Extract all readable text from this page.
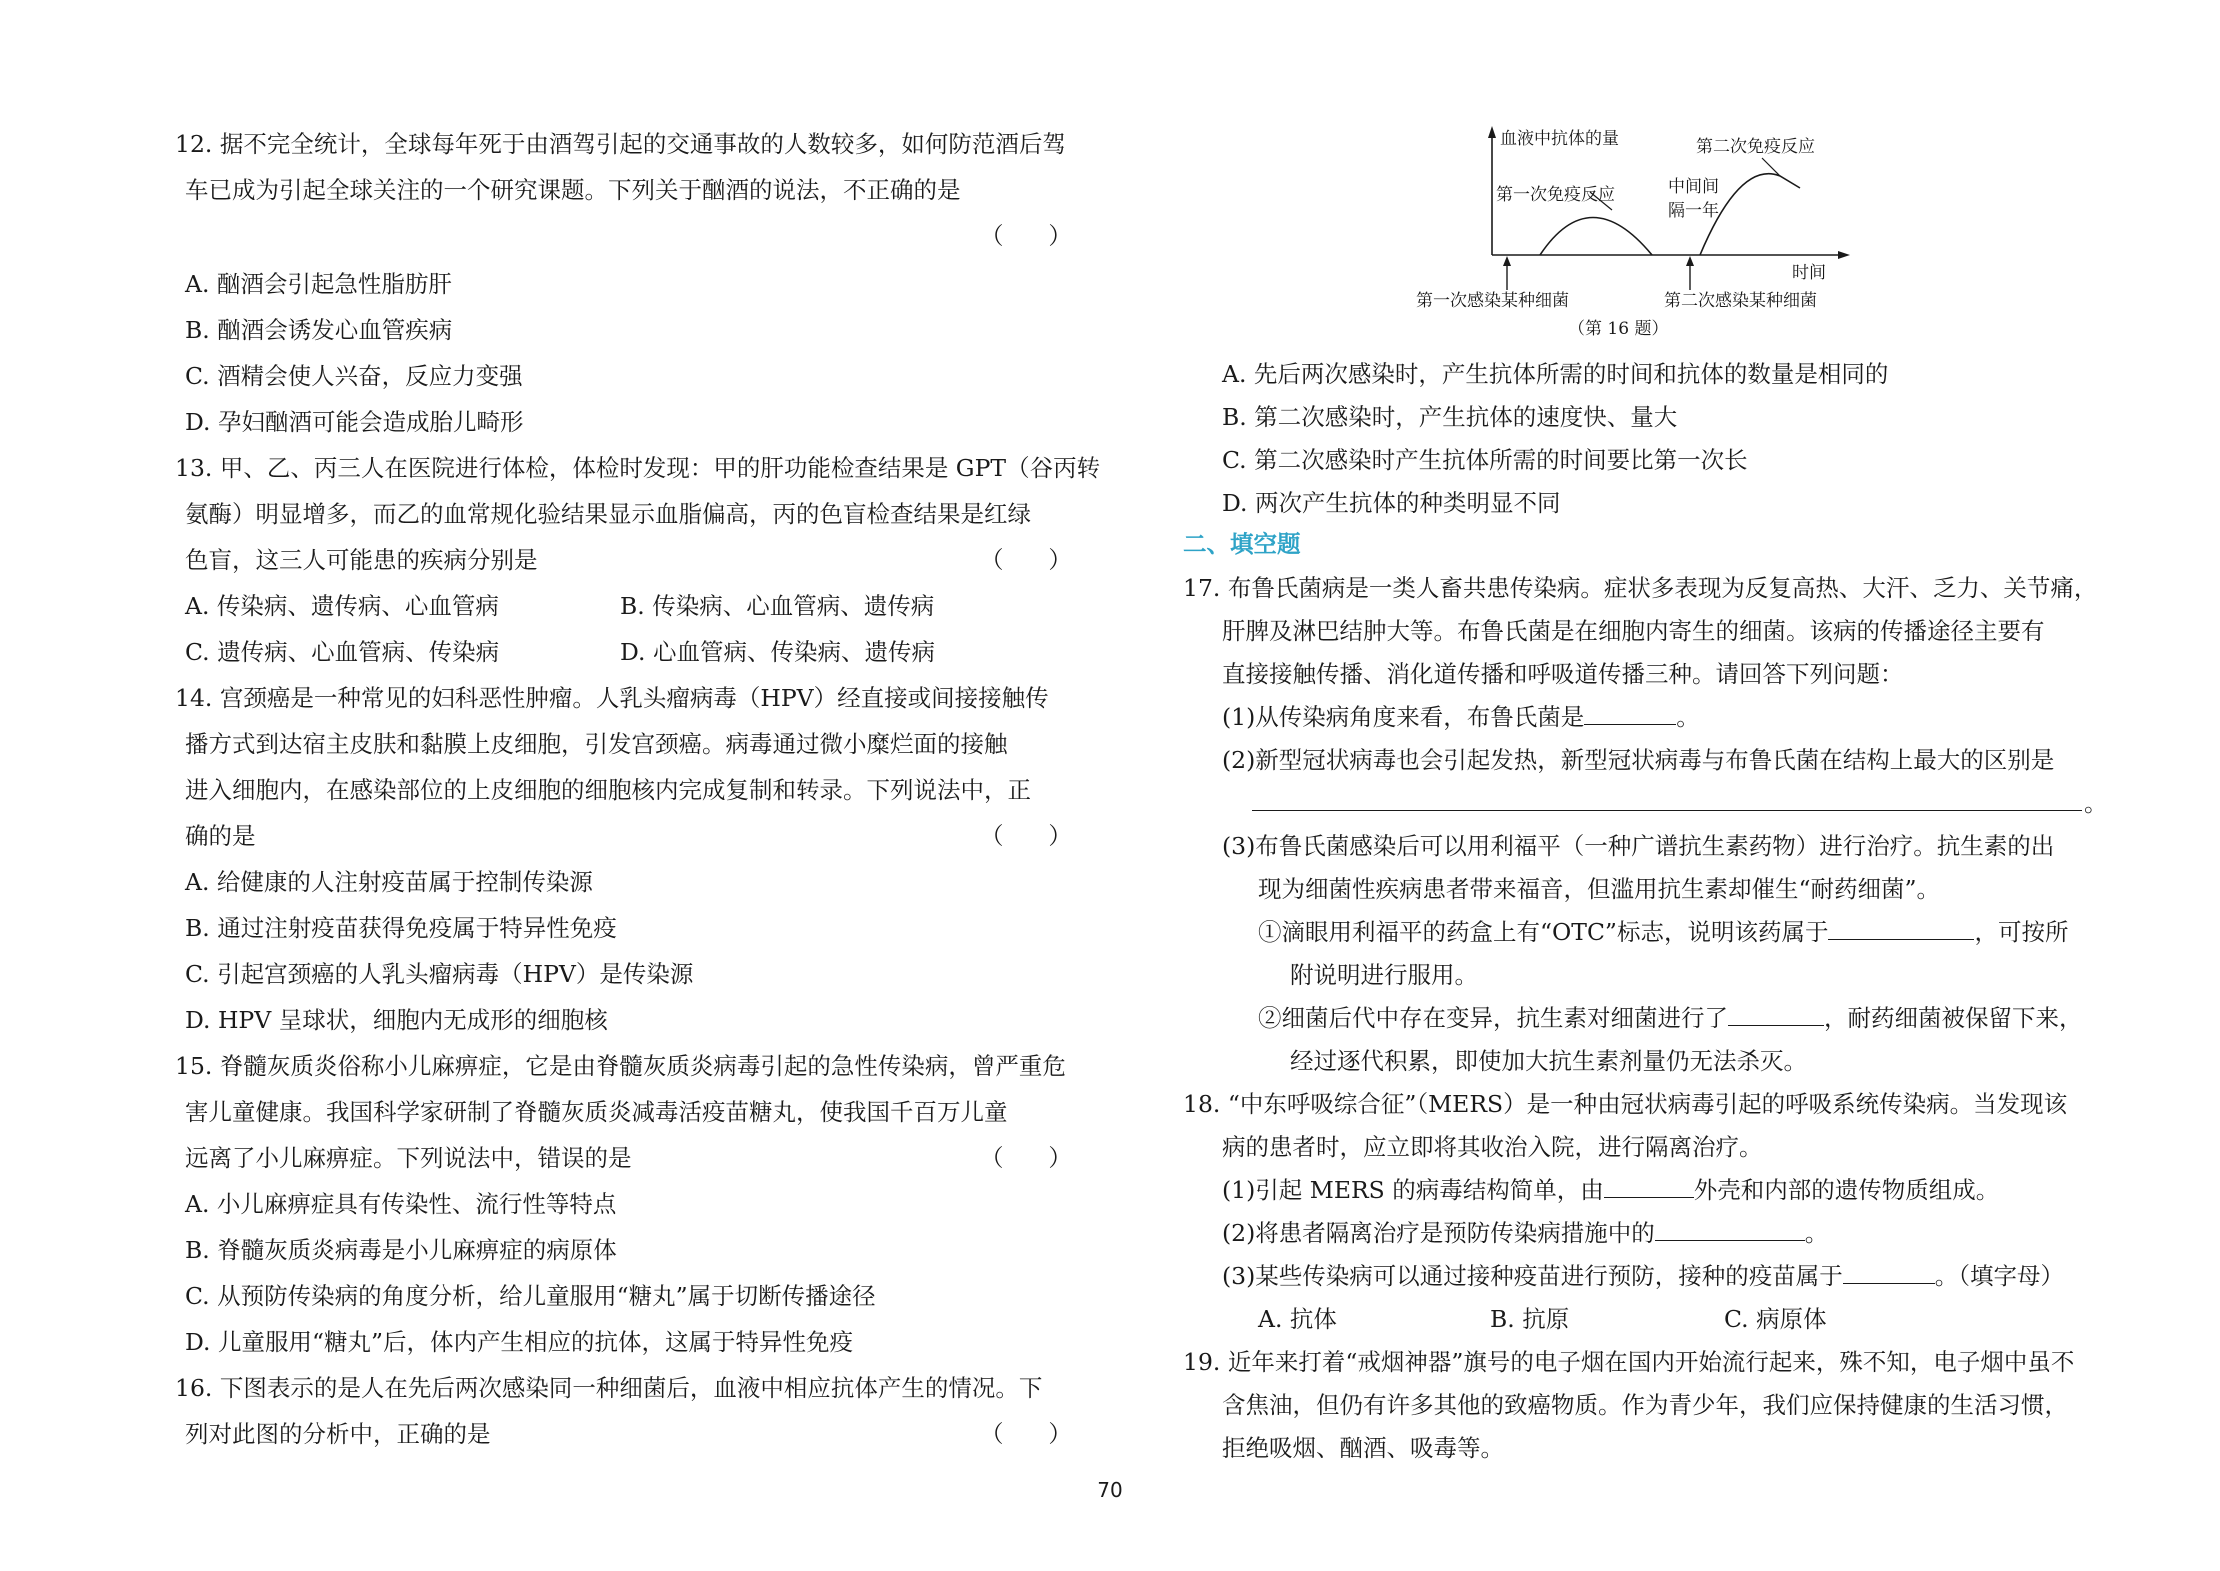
12. 据不完全统计，全球每年死于由酒驾引起的交通事故的人数较多，如何防范酒后驾
车已成为引起全球关注的一个研究课题。下列关于酗酒的说法，不正确的是
（      ）
A. 酗酒会引起急性脂肪肝
B. 酗酒会诱发心血管疾病
C. 酒精会使人兴奋，反应力变强
D. 孕妇酗酒可能会造成胎儿畸形
13. 甲、乙、丙三人在医院进行体检，体检时发现：甲的肝功能检查结果是 GPT（谷丙转
氨酶）明显增多，而乙的血常规化验结果显示血脂偏高，丙的色盲检查结果是红绿
色盲，这三人可能患的疾病分别是	（      ）
A. 传染病、遗传病、心血管病	B. 传染病、心血管病、遗传病
C. 遗传病、心血管病、传染病	D. 心血管病、传染病、遗传病
14. 宫颈癌是一种常见的妇科恶性肿瘤。人乳头瘤病毒（HPV）经直接或间接接触传
播方式到达宿主皮肤和黏膜上皮细胞，引发宫颈癌。病毒通过微小糜烂面的接触
进入细胞内，在感染部位的上皮细胞的细胞核内完成复制和转录。下列说法中，正
确的是	（      ）
A. 给健康的人注射疫苗属于控制传染源
B. 通过注射疫苗获得免疫属于特异性免疫
C. 引起宫颈癌的人乳头瘤病毒（HPV）是传染源
D. HPV 呈球状，细胞内无成形的细胞核
15. 脊髓灰质炎俗称小儿麻痹症，它是由脊髓灰质炎病毒引起的急性传染病，曾严重危
害儿童健康。我国科学家研制了脊髓灰质炎减毒活疫苗糖丸，使我国千百万儿童
远离了小儿麻痹症。下列说法中，错误的是	（      ）
A. 小儿麻痹症具有传染性、流行性等特点
B. 脊髓灰质炎病毒是小儿麻痹症的病原体
C. 从预防传染病的角度分析，给儿童服用“糖丸”属于切断传播途径
D. 儿童服用“糖丸”后，体内产生相应的抗体，这属于特异性免疫
16. 下图表示的是人在先后两次感染同一种细菌后，血液中相应抗体产生的情况。下
列对此图的分析中，正确的是	（      ）
血液中抗体的量	第二次免疫反应
第一次免疫反应	中间间
隔一年
时间
第一次感染某种细菌	第二次感染某种细菌
（第 16 题）
A. 先后两次感染时，产生抗体所需的时间和抗体的数量是相同的
B. 第二次感染时，产生抗体的速度快、量大
C. 第二次感染时产生抗体所需的时间要比第一次长
D. 两次产生抗体的种类明显不同
二、填空题
17. 布鲁氏菌病是一类人畜共患传染病。症状多表现为反复高热、大汗、乏力、关节痛，
肝脾及淋巴结肿大等。布鲁氏菌是在细胞内寄生的细菌。该病的传播途径主要有
直接接触传播、消化道传播和呼吸道传播三种。请回答下列问题：
(1)从传染病角度来看，布鲁氏菌是	。
(2)新型冠状病毒也会引起发热，新型冠状病毒与布鲁氏菌在结构上最大的区别是
。
(3)布鲁氏菌感染后可以用利福平（一种广谱抗生素药物）进行治疗。抗生素的出
现为细菌性疾病患者带来福音，但滥用抗生素却催生“耐药细菌”。
①滴眼用利福平的药盒上有“OTC”标志，说明该药属于	，可按所
附说明进行服用。
②细菌后代中存在变异，抗生素对细菌进行了	，耐药细菌被保留下来，
经过逐代积累，即使加大抗生素剂量仍无法杀灭。
18. “中东呼吸综合征”（MERS）是一种由冠状病毒引起的呼吸系统传染病。当发现该
病的患者时，应立即将其收治入院，进行隔离治疗。
(1)引起 MERS 的病毒结构简单，由	外壳和内部的遗传物质组成。
(2)将患者隔离治疗是预防传染病措施中的	。
(3)某些传染病可以通过接种疫苗进行预防，接种的疫苗属于	。（填字母）
A. 抗体	B. 抗原	C. 病原体
19. 近年来打着“戒烟神器”旗号的电子烟在国内开始流行起来，殊不知，电子烟中虽不
含焦油，但仍有许多其他的致癌物质。作为青少年，我们应保持健康的生活习惯，
拒绝吸烟、酗酒、吸毒等。
70
